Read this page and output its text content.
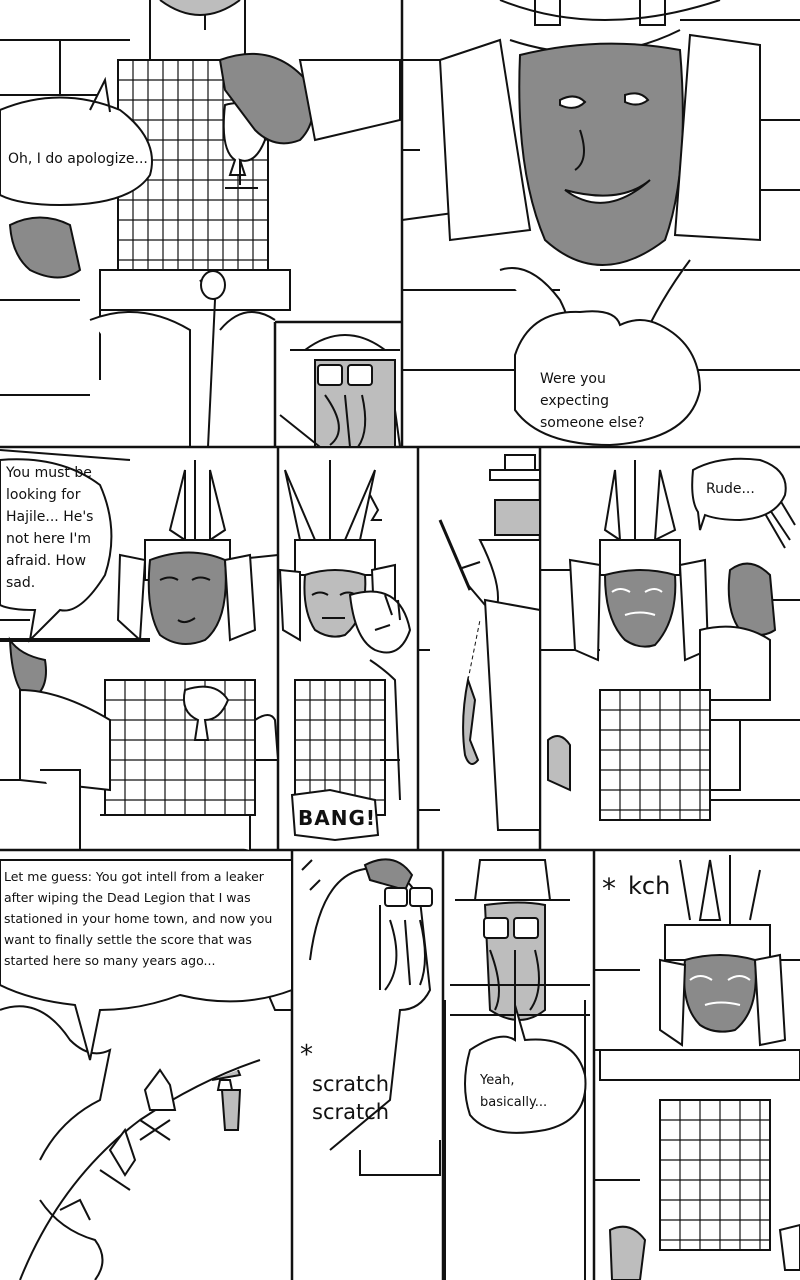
Oh, I do apologize...
Were you expecting someone else?
You must be looking for Hajile... He's not here I'm afraid. How sad.
BANG!
Rude...
Let me guess: You got intell from a leaker after wiping the Dead Legion that I was stationed in your home town, and now you want to finally settle the score that was started here so many years ago...
scratch
scratch
*
Yeah, basically...
kch
*
